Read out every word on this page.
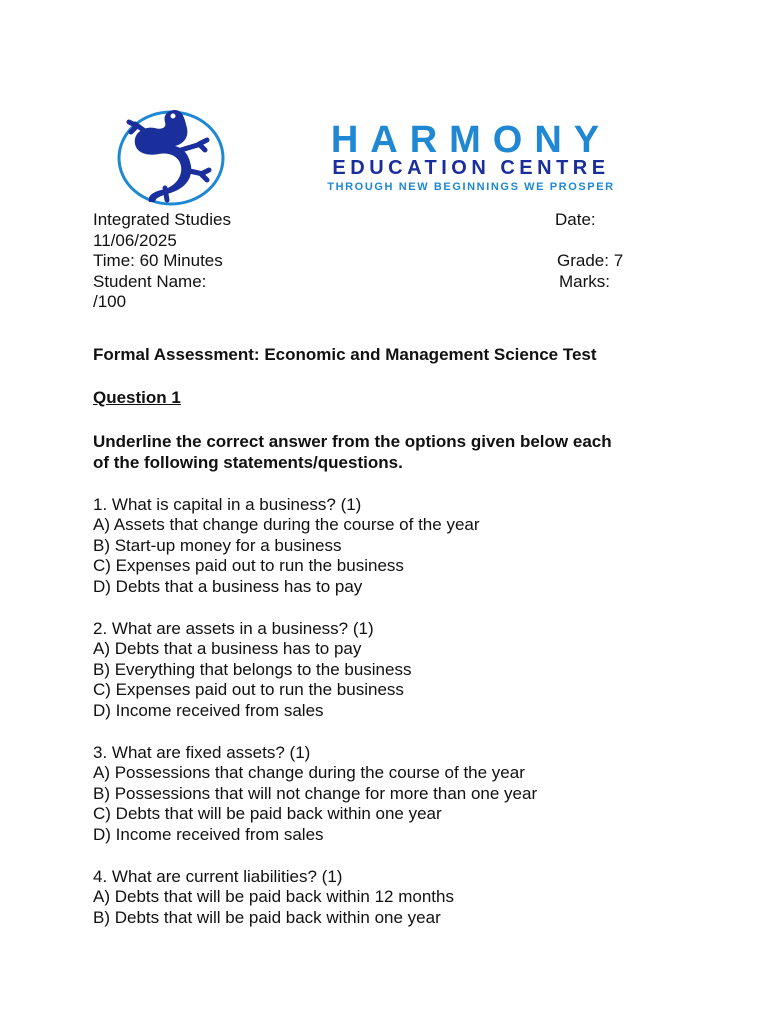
HARMONY
EDUCATION CENTRE
THROUGH NEW BEGINNINGS WE PROSPER
Integrated Studies	Date:
11/06/2025
Time: 60 Minutes	Grade: 7
Student Name:	Marks:
/100
Formal Assessment: Economic and Management Science Test
Question 1
Underline the correct answer from the options given below each
of the following statements/questions.
1. What is capital in a business? (1)
A) Assets that change during the course of the year
B) Start-up money for a business
C) Expenses paid out to run the business
D) Debts that a business has to pay
2. What are assets in a business? (1)
A) Debts that a business has to pay
B) Everything that belongs to the business
C) Expenses paid out to run the business
D) Income received from sales
3. What are fixed assets? (1)
A) Possessions that change during the course of the year
B) Possessions that will not change for more than one year
C) Debts that will be paid back within one year
D) Income received from sales
4. What are current liabilities? (1)
A) Debts that will be paid back within 12 months
B) Debts that will be paid back within one year
